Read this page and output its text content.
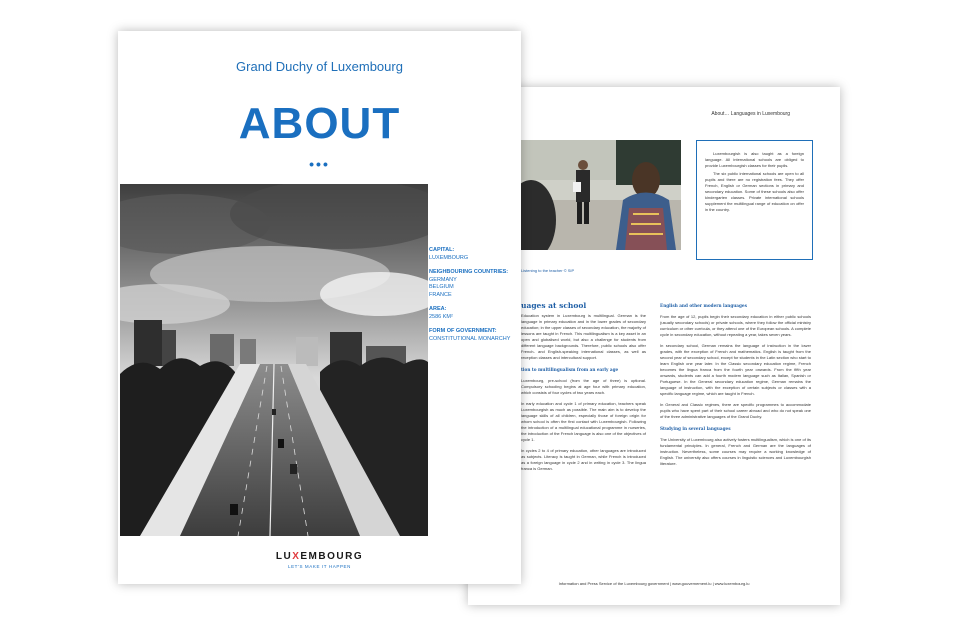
About… Languages in Luxembourg
Listening to the teacher © SIP

Luxembourgish is also taught as a foreign language. All international schools are obliged to provide Luxembourgish classes for their pupils.

The six public international schools are open to all pupils and there are no registration fees. They offer French, English or German sections in primary and secondary education. Some of these schools also offer kindergarten classes. Private international schools supplement the multilingual range of education on offer in the country.

uages at school

Education system in Luxembourg is multilingual. German is the language in primary education and in the lower grades of secondary education; in the upper classes of secondary education, the majority of lessons are taught in French. This multilingualism is a key asset in an open and globalised world, but also a challenge for students from different language backgrounds. Therefore, public schools also offer French- and English-speaking international classes, as well as reception classes and intercultural support.

tion to multilingualism from an early age

Luxembourg, pre-school (from the age of three) is optional. Compulsory schooling begins at age four with primary education, which consists of four cycles of two years each.

In early education and cycle 1 of primary education, teachers speak Luxembourgish as much as possible. The main aim is to develop the language skills of all children, especially those of foreign origin for whom school is often the first contact with Luxembourgish. Following the introduction of a multilingual educational programme in nurseries, the introduction of the French language is also one of the objectives of cycle 1.

In cycles 2 to 4 of primary education, other languages are introduced as subjects. Literacy is taught in German, while French is introduced as a foreign language in cycle 2 and in writing in cycle 3. The lingua franca is German.

English and other modern languages

From the age of 12, pupils begin their secondary education in either public schools (usually secondary schools) or private schools, where they follow the official ministry curriculum or other curricula, or they attend one of the European schools. A complete cycle in secondary education, without repeating a year, takes seven years.

In secondary school, German remains the language of instruction in the lower grades, with the exception of French and mathematics. English is taught from the second year of secondary school, except for students in the Latin section who start to learn English one year later. In the Classic secondary education regime, French becomes the lingua franca from the fourth year onwards. From the fifth year onwards, students can add a fourth modern language such as Italian, Spanish or Portuguese. In the General secondary education regime, German remains the language of instruction, with the exception of certain subjects or classes with a specific language regime, which are taught in French.

In General and Classic regimes, there are specific programmes to accommodate pupils who have spent part of their school career abroad and who do not speak one of the three administrative languages of the Grand Duchy.

Studying in several languages

The University of Luxembourg also actively fosters multilingualism, which is one of its fundamental principles. In general, French and German are the languages of instruction. Nevertheless, some courses may require a working knowledge of English. The university also offers courses in linguistic sciences and Luxembourgish literature.

Information and Press Service of the Luxembourg government | www.gouvernement.lu | www.luxembourg.lu
Grand Duchy of Luxembourg
ABOUT
•••
CAPITAL:
LUXEMBOURG
NEIGHBOURING COUNTRIES:
GERMANY
BELGIUM
FRANCE
AREA:
2586 KM²
FORM OF GOVERNMENT:
CONSTITUTIONAL MONARCHY
LUXEMBOURG
LET'S MAKE IT HAPPEN
